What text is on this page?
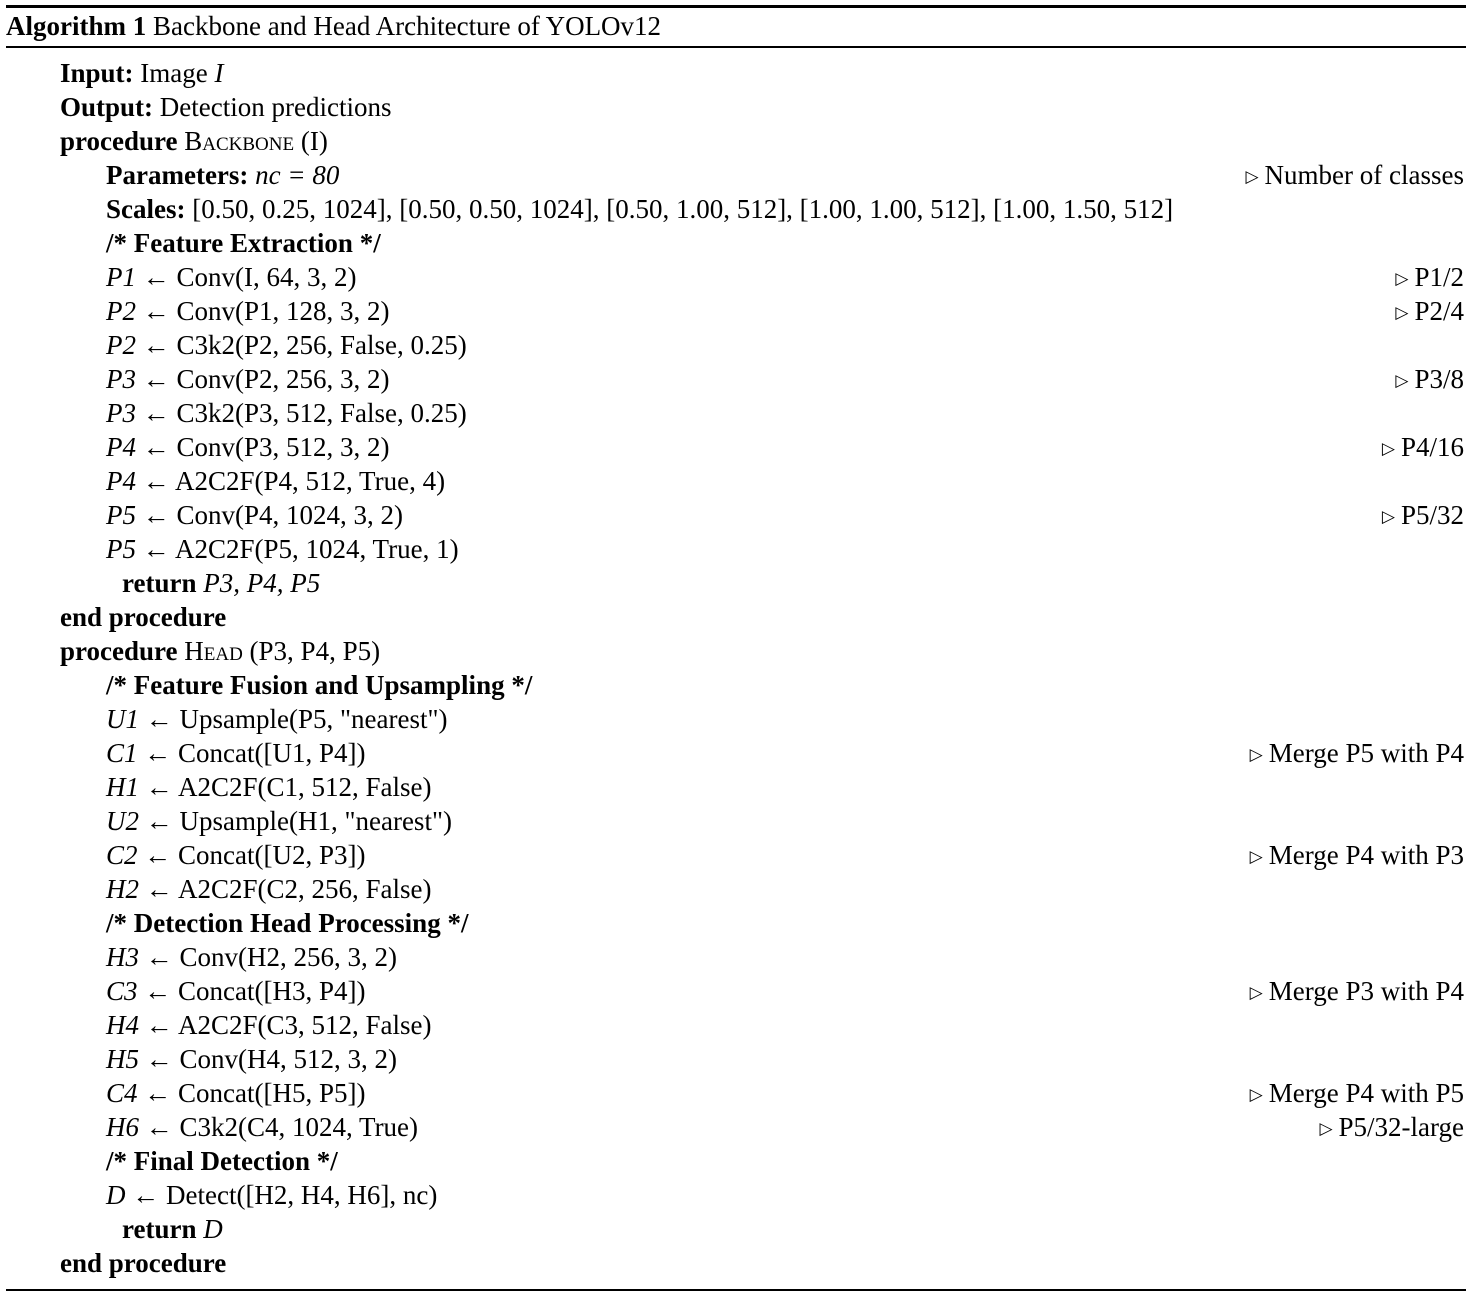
Algorithm 1 Backbone and Head Architecture of YOLOv12
Input: Image I
Output: Detection predictions
procedure Backbone (I)
Parameters: nc = 80	▷ Number of classes
Scales: [0.50, 0.25, 1024], [0.50, 0.50, 1024], [0.50, 1.00, 512], [1.00, 1.00, 512], [1.00, 1.50, 512]
/* Feature Extraction */
P1 ← Conv(I, 64, 3, 2)	▷ P1/2
P2 ← Conv(P1, 128, 3, 2)	▷ P2/4
P2 ← C3k2(P2, 256, False, 0.25)
P3 ← Conv(P2, 256, 3, 2)	▷ P3/8
P3 ← C3k2(P3, 512, False, 0.25)
P4 ← Conv(P3, 512, 3, 2)	▷ P4/16
P4 ← A2C2F(P4, 512, True, 4)
P5 ← Conv(P4, 1024, 3, 2)	▷ P5/32
P5 ← A2C2F(P5, 1024, True, 1)
return P3, P4, P5
end procedure
procedure Head (P3, P4, P5)
/* Feature Fusion and Upsampling */
U1 ← Upsample(P5, "nearest")
C1 ← Concat([U1, P4])	▷ Merge P5 with P4
H1 ← A2C2F(C1, 512, False)
U2 ← Upsample(H1, "nearest")
C2 ← Concat([U2, P3])	▷ Merge P4 with P3
H2 ← A2C2F(C2, 256, False)
/* Detection Head Processing */
H3 ← Conv(H2, 256, 3, 2)
C3 ← Concat([H3, P4])	▷ Merge P3 with P4
H4 ← A2C2F(C3, 512, False)
H5 ← Conv(H4, 512, 3, 2)
C4 ← Concat([H5, P5])	▷ Merge P4 with P5
H6 ← C3k2(C4, 1024, True)	▷ P5/32-large
/* Final Detection */
D ← Detect([H2, H4, H6], nc)
return D
end procedure
